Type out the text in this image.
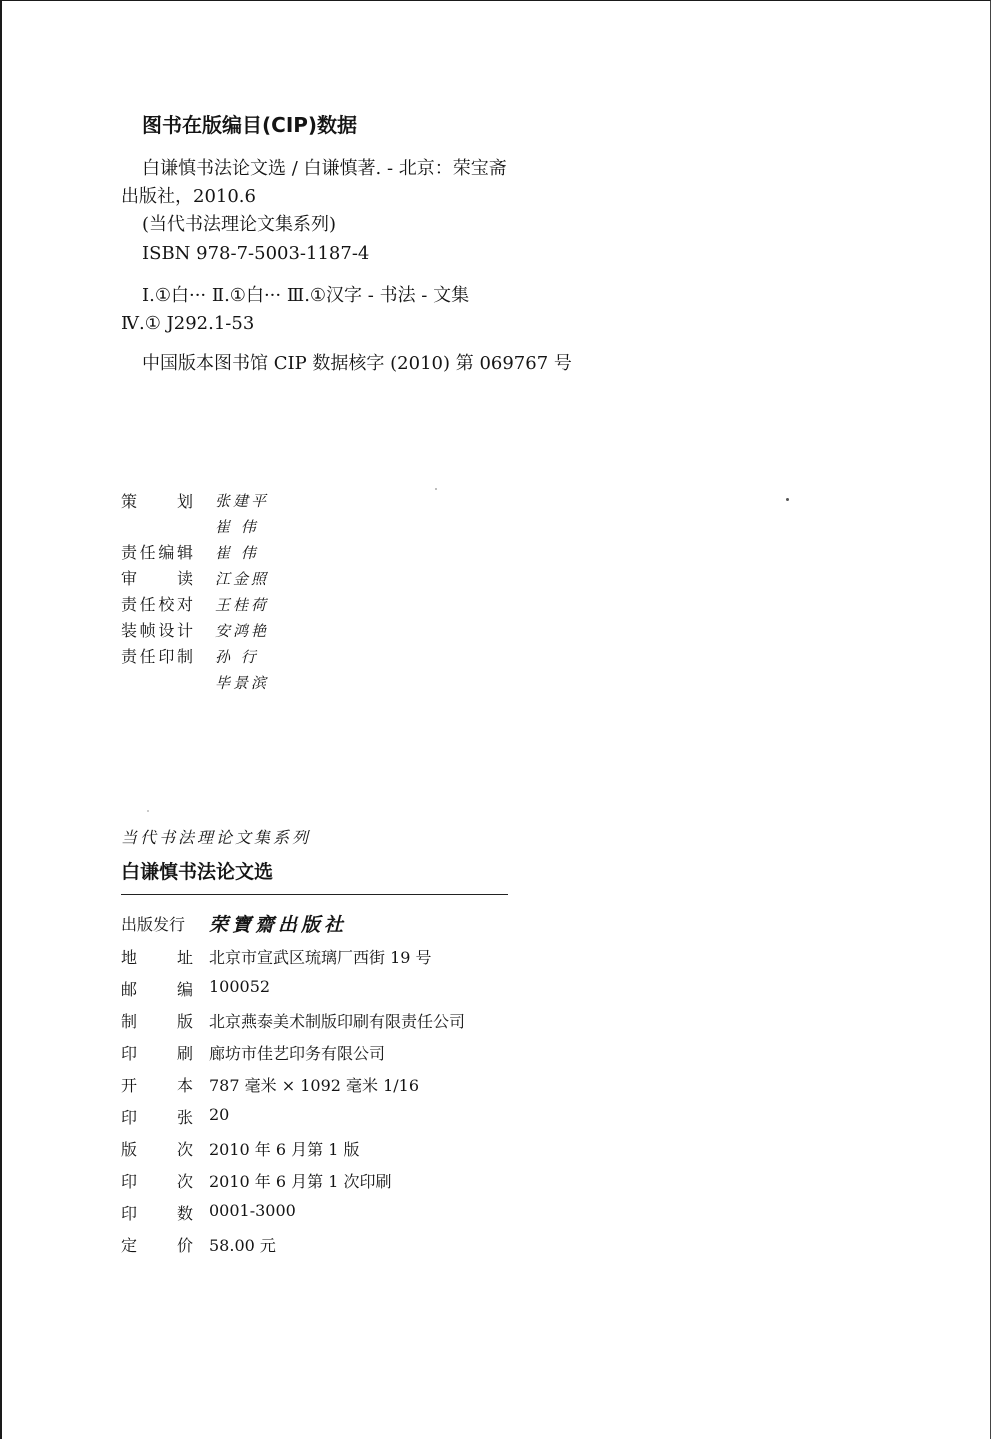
图书在版编目(CIP)数据
白谦慎书法论文选 / 白谦慎著. - 北京：荣宝斋
出版社，2010.6
(当代书法理论文集系列)
ISBN 978-7-5003-1187-4
Ⅰ.①白··· Ⅱ.①白··· Ⅲ.①汉字 - 书法 - 文集
Ⅳ.① J292.1-53
中国版本图书馆 CIP 数据核字 (2010) 第 069767 号
策 划 张建平
崔 伟
责 任 编 辑 崔 伟
审 读 江金照
责 任 校 对 王桂荷
装 帧 设 计 安鸿艳
责 任 印 制 孙 行
毕景滨
当代书法理论文集系列
白谦慎书法论文选
出版发行	荣寶齋出版社
地 址 北京市宣武区琉璃厂西街 19 号
邮 编 100052
制 版 北京燕泰美术制版印刷有限责任公司
印 刷 廊坊市佳艺印务有限公司
开 本 787 毫米 × 1092 毫米 1/16
印 张 20
版 次 2010 年 6 月第 1 版
印 次 2010 年 6 月第 1 次印刷
印 数 0001-3000
定 价 58.00 元
